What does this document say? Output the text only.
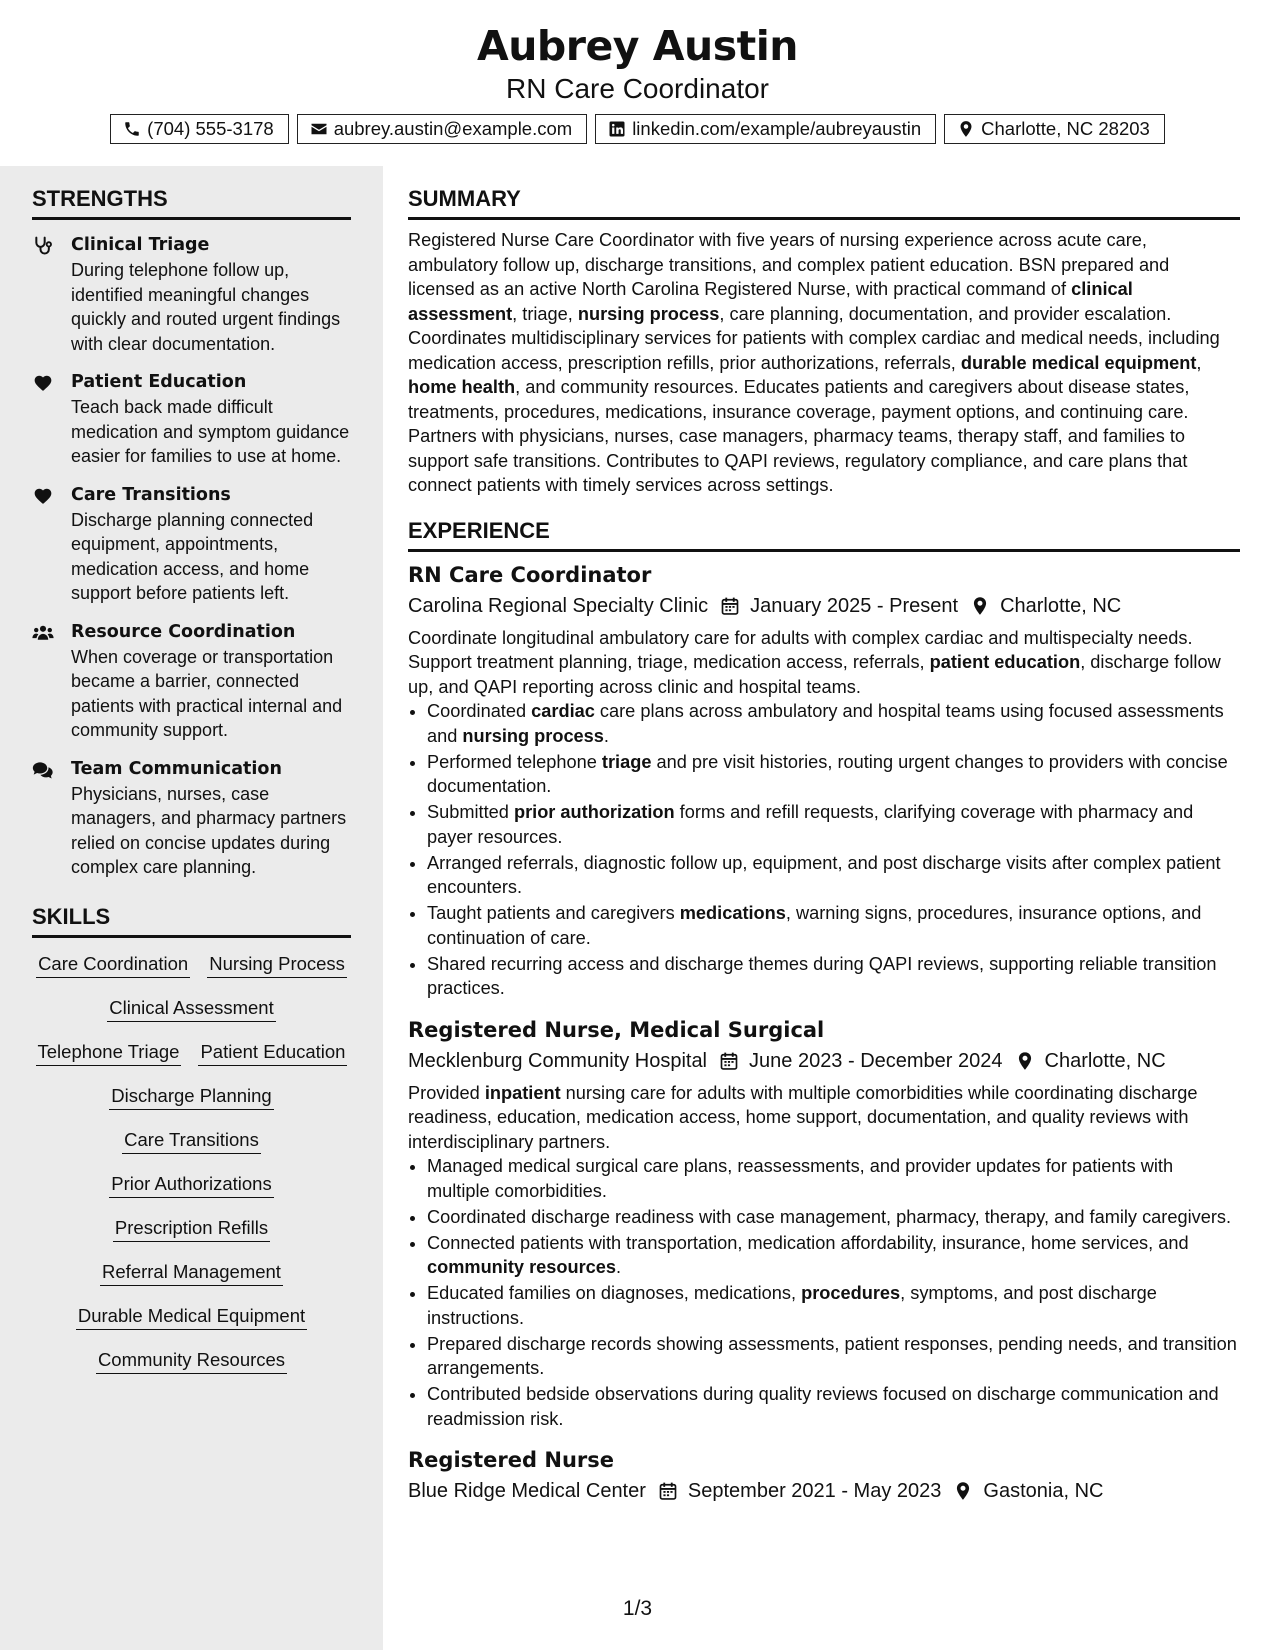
Aubrey Austin
RN Care Coordinator
(704) 555-3178	aubrey.austin@example.com	linkedin.com/example/aubreyaustin	Charlotte, NC 28203
STRENGTHS
Clinical Triage
During telephone follow up, identified meaningful changes quickly and routed urgent findings with clear documentation.
Patient Education
Teach back made difficult medication and symptom guidance easier for families to use at home.
Care Transitions
Discharge planning connected equipment, appointments, medication access, and home support before patients left.
Resource Coordination
When coverage or transportation became a barrier, connected patients with practical internal and community support.
Team Communication
Physicians, nurses, case managers, and pharmacy partners relied on concise updates during complex care planning.
SKILLS
Care Coordination Nursing Process
Clinical Assessment
Telephone Triage Patient Education
Discharge Planning
Care Transitions
Prior Authorizations
Prescription Refills
Referral Management
Durable Medical Equipment
Community Resources
SUMMARY
Registered Nurse Care Coordinator with five years of nursing experience across acute care, ambulatory follow up, discharge transitions, and complex patient education. BSN prepared and licensed as an active North Carolina Registered Nurse, with practical command of clinical assessment, triage, nursing process, care planning, documentation, and provider escalation. Coordinates multidisciplinary services for patients with complex cardiac and medical needs, including medication access, prescription refills, prior authorizations, referrals, durable medical equipment, home health, and community resources. Educates patients and caregivers about disease states, treatments, procedures, medications, insurance coverage, payment options, and continuing care. Partners with physicians, nurses, case managers, pharmacy teams, therapy staff, and families to support safe transitions. Contributes to QAPI reviews, regulatory compliance, and care plans that connect patients with timely services across settings.
EXPERIENCE
RN Care Coordinator
Carolina Regional Specialty Clinic January 2025 - Present Charlotte, NC
Coordinate longitudinal ambulatory care for adults with complex cardiac and multispecialty needs. Support treatment planning, triage, medication access, referrals, patient education, discharge follow up, and QAPI reporting across clinic and hospital teams.
• Coordinated cardiac care plans across ambulatory and hospital teams using focused assessments and nursing process.
• Performed telephone triage and pre visit histories, routing urgent changes to providers with concise documentation.
• Submitted prior authorization forms and refill requests, clarifying coverage with pharmacy and payer resources.
• Arranged referrals, diagnostic follow up, equipment, and post discharge visits after complex patient encounters.
• Taught patients and caregivers medications, warning signs, procedures, insurance options, and continuation of care.
• Shared recurring access and discharge themes during QAPI reviews, supporting reliable transition practices.
Registered Nurse, Medical Surgical
Mecklenburg Community Hospital June 2023 - December 2024 Charlotte, NC
Provided inpatient nursing care for adults with multiple comorbidities while coordinating discharge readiness, education, medication access, home support, documentation, and quality reviews with interdisciplinary partners.
• Managed medical surgical care plans, reassessments, and provider updates for patients with multiple comorbidities.
• Coordinated discharge readiness with case management, pharmacy, therapy, and family caregivers.
• Connected patients with transportation, medication affordability, insurance, home services, and community resources.
• Educated families on diagnoses, medications, procedures, symptoms, and post discharge instructions.
• Prepared discharge records showing assessments, patient responses, pending needs, and transition arrangements.
• Contributed bedside observations during quality reviews focused on discharge communication and readmission risk.
Registered Nurse
Blue Ridge Medical Center September 2021 - May 2023 Gastonia, NC
1/3
